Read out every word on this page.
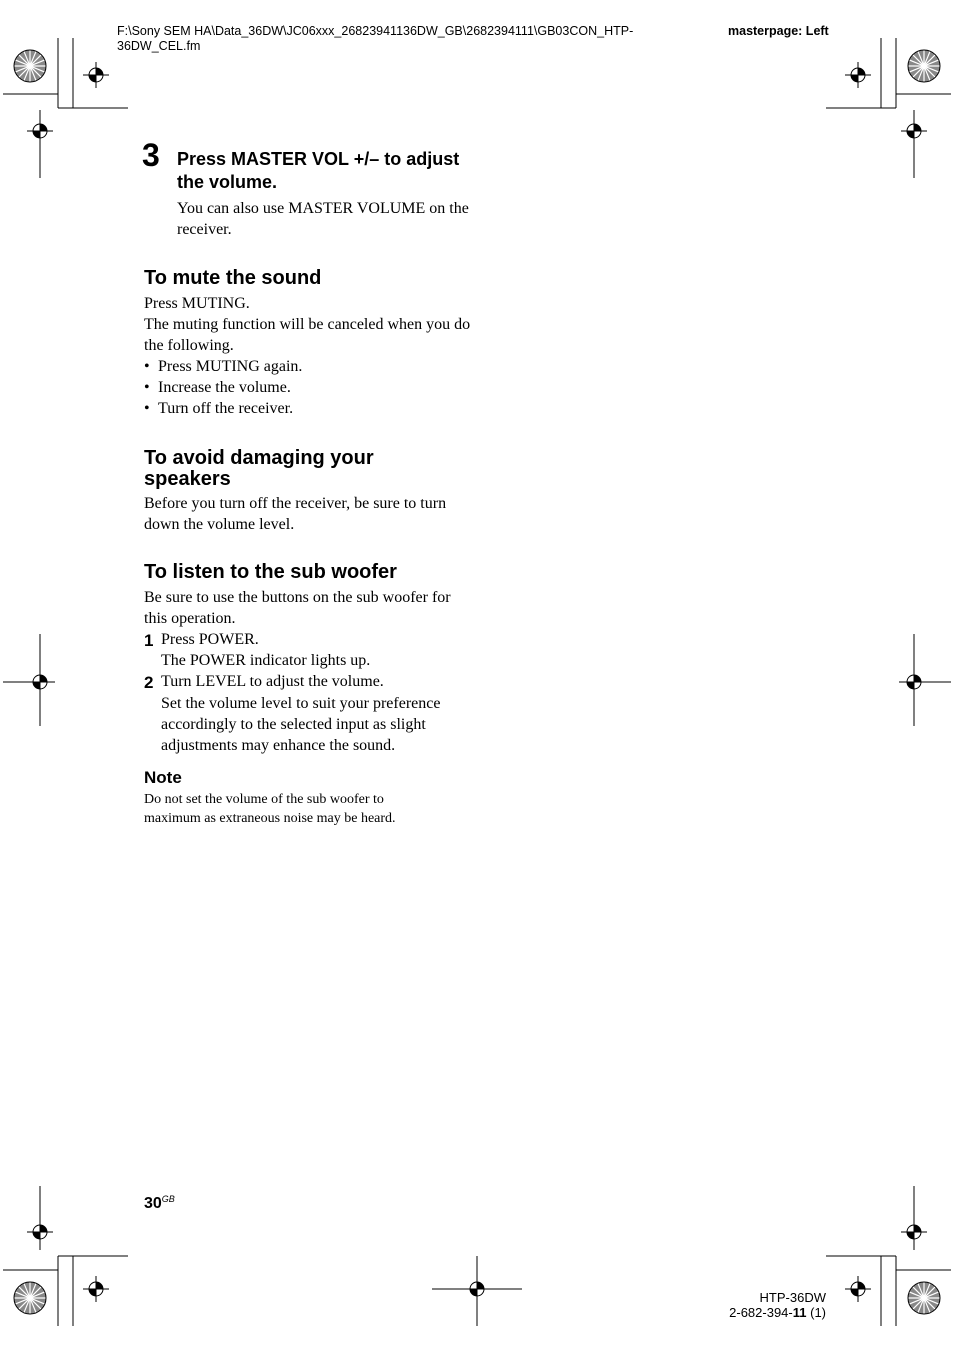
F:\Sony SEM HA\Data_36DW\JC06xxx_26823941136DW_GB\2682394111\GB03CON_HTP-36DW_CEL.fm
masterpage: Left
3 Press MASTER VOL +/– to adjust the volume.
You can also use MASTER VOLUME on the receiver.
To mute the sound

Press MUTING.

The muting function will be canceled when you do the following.

• Press MUTING again.

• Increase the volume.

• Turn off the receiver.

To avoid damaging your speakers
Before you turn off the receiver, be sure to turn down the volume level.
To listen to the sub woofer

Be sure to use the buttons on the sub woofer for this operation.

1 Press POWER.

The POWER indicator lights up.

2 Turn LEVEL to adjust the volume.

Set the volume level to suit your preference accordingly to the selected input as slight adjustments may enhance the sound.

Note
Do not set the volume of the sub woofer to maximum as extraneous noise may be heard.
$30^{GB}$
HTP-36DW
2-682-394-11 (1)
